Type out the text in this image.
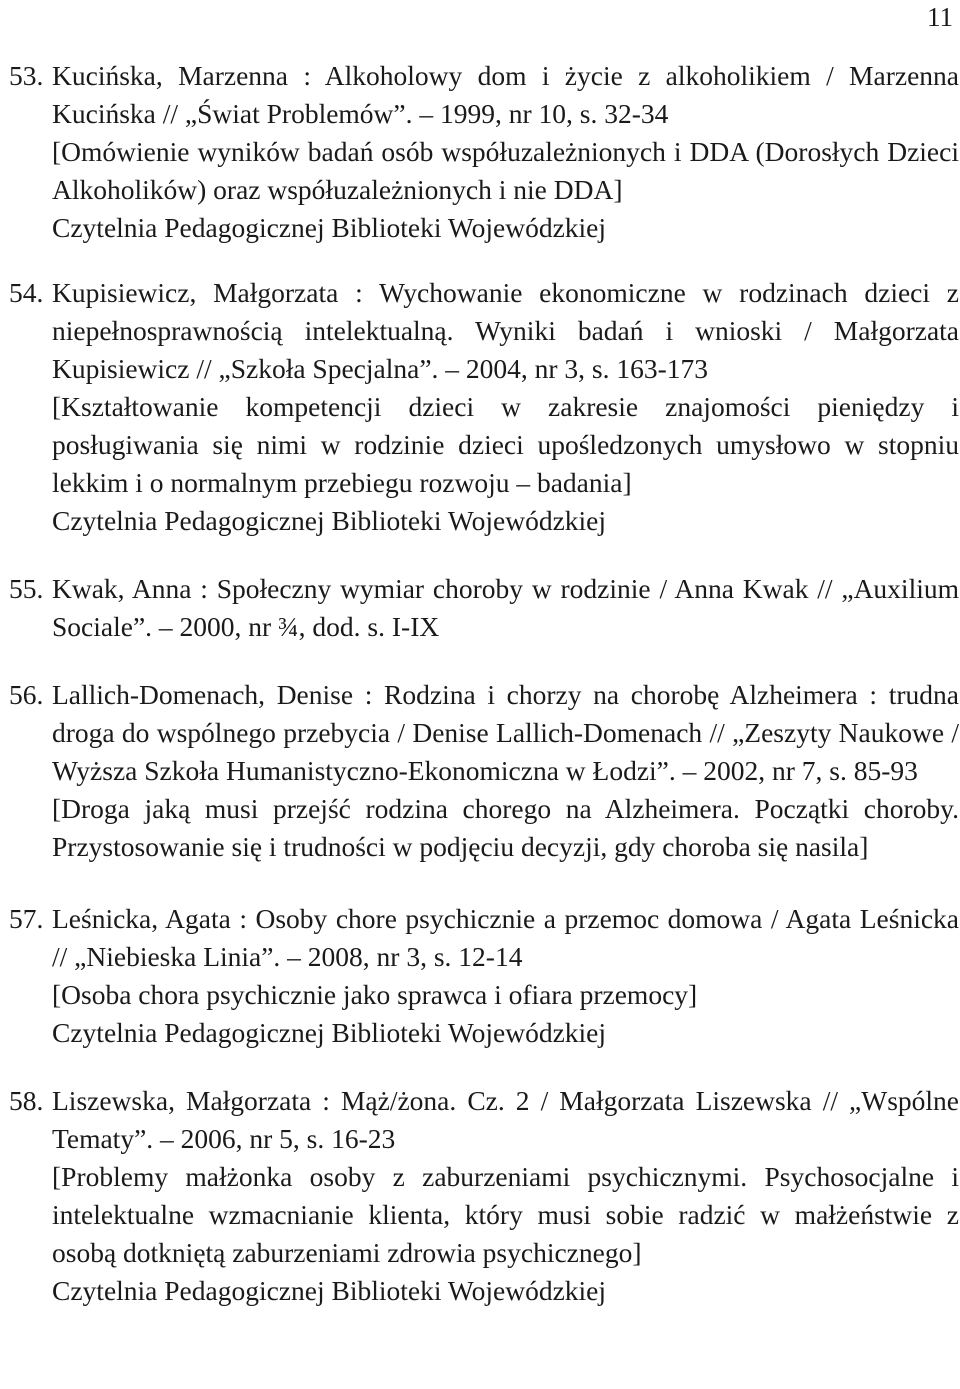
11
53. Kucińska, Marzenna : Alkoholowy dom i życie z alkoholikiem / Marzenna Kucińska // „Świat Problemów”. – 1999, nr 10, s. 32-34

[Omówienie wyników badań osób współuzależnionych i DDA (Dorosłych Dzieci Alkoholików) oraz współuzależnionych i nie DDA]

Czytelnia Pedagogicznej Biblioteki Wojewódzkiej

54. Kupisiewicz, Małgorzata : Wychowanie ekonomiczne w rodzinach dzieci z niepełnosprawnością intelektualną. Wyniki badań i wnioski / Małgorzata Kupisiewicz // „Szkoła Specjalna”. – 2004, nr 3, s. 163-173

[Kształtowanie kompetencji dzieci w zakresie znajomości pieniędzy i posługiwania się nimi w rodzinie dzieci upośledzonych umysłowo w stopniu lekkim i o normalnym przebiegu rozwoju – badania]

Czytelnia Pedagogicznej Biblioteki Wojewódzkiej

55. Kwak, Anna : Społeczny wymiar choroby w rodzinie / Anna Kwak // „Auxilium Sociale”. – 2000, nr ¾, dod. s. I-IX

56. Lallich-Domenach, Denise : Rodzina i chorzy na chorobę Alzheimera : trudna droga do wspólnego przebycia / Denise Lallich-Domenach // „Zeszyty Naukowe / Wyższa Szkoła Humanistyczno-Ekonomiczna w Łodzi”. – 2002, nr 7, s. 85-93

[Droga jaką musi przejść rodzina chorego na Alzheimera. Początki choroby. Przystosowanie się i trudności w podjęciu decyzji, gdy choroba się nasila]

57. Leśnicka, Agata : Osoby chore psychicznie a przemoc domowa / Agata Leśnicka // „Niebieska Linia”. – 2008, nr 3, s. 12-14

[Osoba chora psychicznie jako sprawca i ofiara przemocy]

Czytelnia Pedagogicznej Biblioteki Wojewódzkiej

58. Liszewska, Małgorzata : Mąż/żona. Cz. 2 / Małgorzata Liszewska // „Wspólne Tematy”. – 2006, nr 5, s. 16-23

[Problemy małżonka osoby z zaburzeniami psychicznymi. Psychosocjalne i intelektualne wzmacnianie klienta, który musi sobie radzić w małżeństwie z osobą dotkniętą zaburzeniami zdrowia psychicznego]

Czytelnia Pedagogicznej Biblioteki Wojewódzkiej
